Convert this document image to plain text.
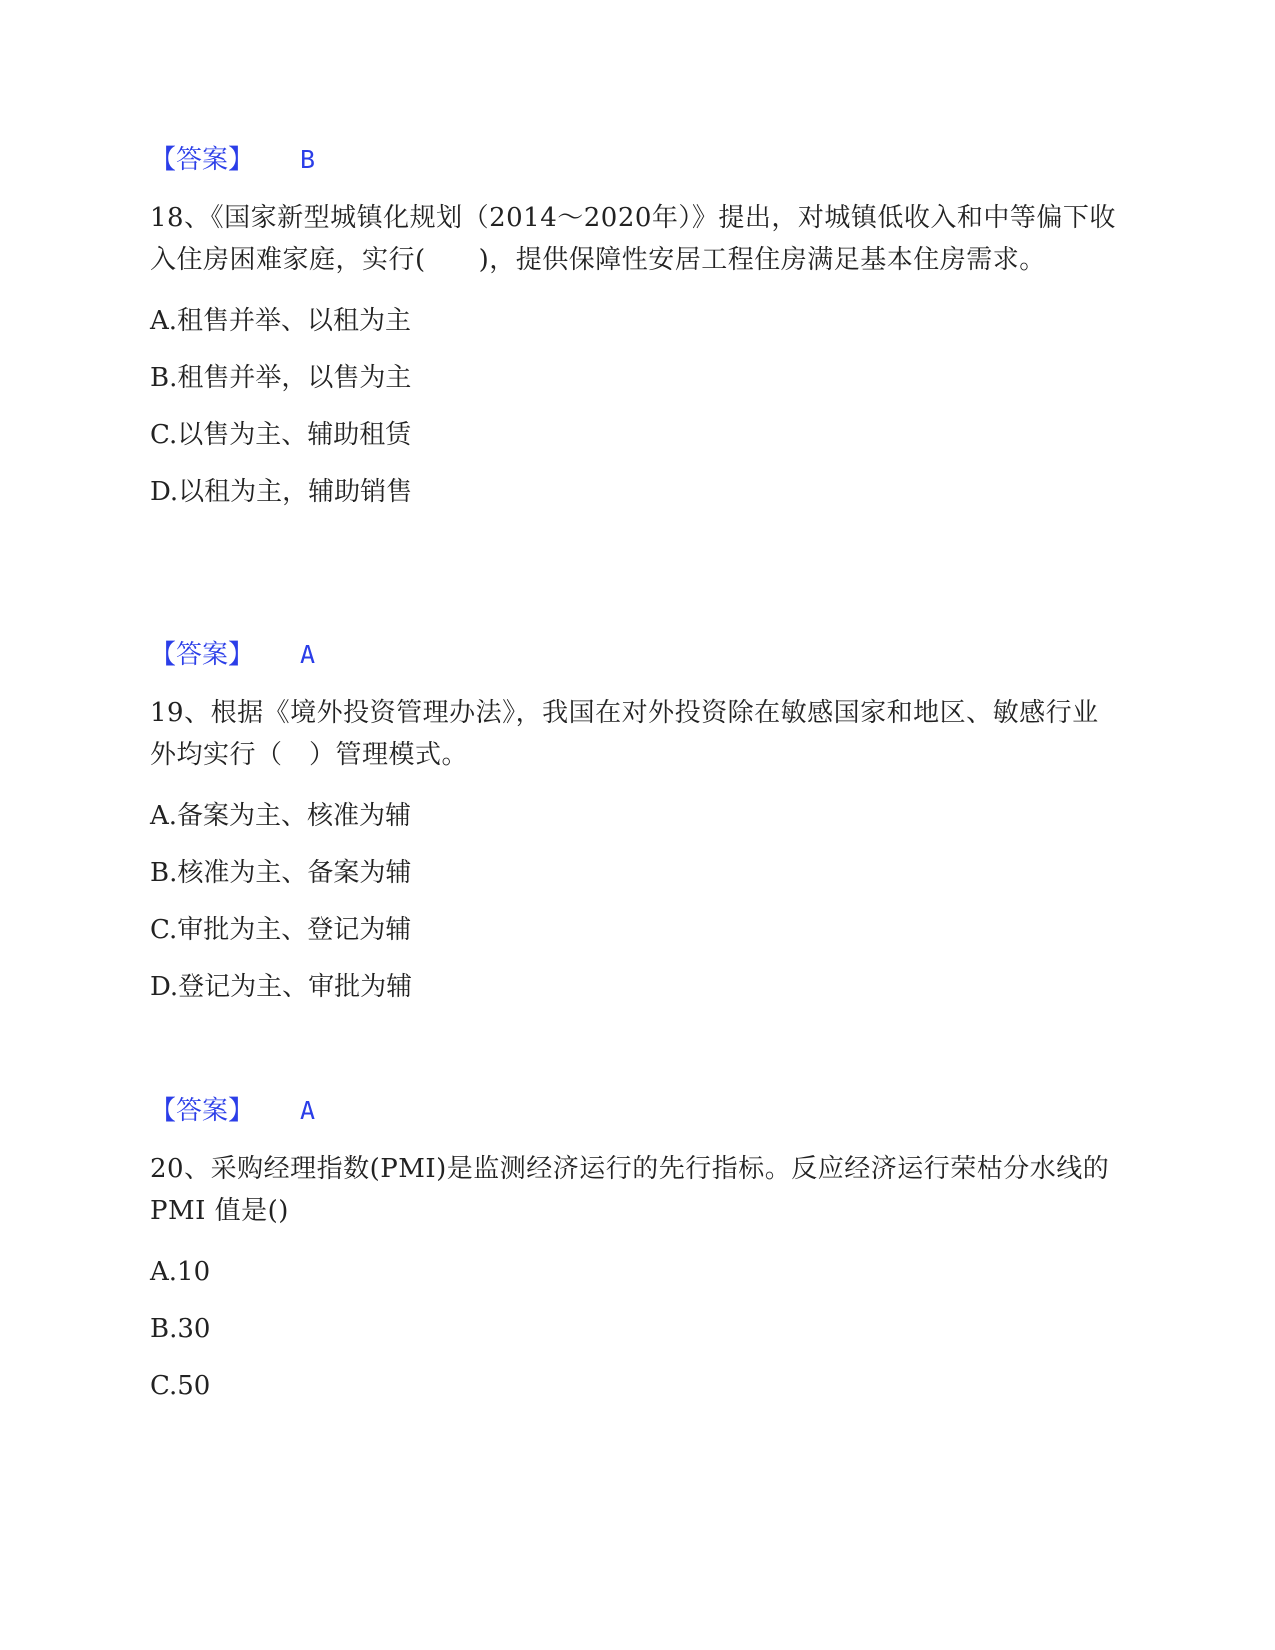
【答案】 B
18、《国家新型城镇化规划（2014～2020年）》提出，对城镇低收入和中等偏下收入住房困难家庭，实行(　　)，提供保障性安居工程住房满足基本住房需求。
A.租售并举、以租为主
B.租售并举，以售为主
C.以售为主、辅助租赁
D.以租为主，辅助销售
【答案】 A
19、根据《境外投资管理办法》，我国在对外投资除在敏感国家和地区、敏感行业外均实行（　）管理模式。
A.备案为主、核准为辅
B.核准为主、备案为辅
C.审批为主、登记为辅
D.登记为主、审批为辅
【答案】 A
20、采购经理指数(PMI)是监测经济运行的先行指标。反应经济运行荣枯分水线的 PMI 值是()
A.10
B.30
C.50
